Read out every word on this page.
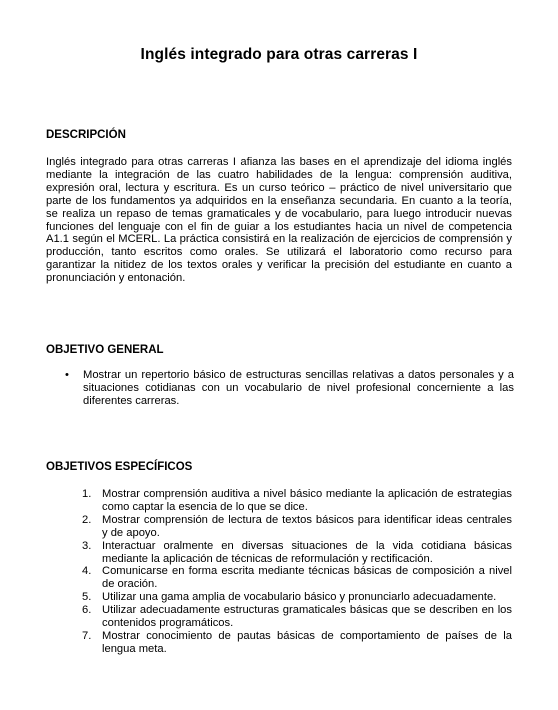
Inglés integrado para otras carreras I
DESCRIPCIÓN
Inglés integrado para otras carreras I afianza las bases en el aprendizaje del idioma inglés mediante la integración de las cuatro habilidades de la lengua: comprensión auditiva, expresión oral, lectura y escritura. Es un curso teórico – práctico de nivel universitario que parte de los fundamentos ya adquiridos en la enseñanza secundaria. En cuanto a la teoría, se realiza un repaso de temas gramaticales y de vocabulario, para luego introducir nuevas funciones del lenguaje con el fin de guiar a los estudiantes hacia un nivel de competencia A1.1 según el MCERL. La práctica consistirá en la realización de ejercicios de comprensión y producción, tanto escritos como orales. Se utilizará el laboratorio como recurso para garantizar la nitidez de los textos orales y verificar la precisión del estudiante en cuanto a pronunciación y entonación.
OBJETIVO GENERAL
• Mostrar un repertorio básico de estructuras sencillas relativas a datos personales y a situaciones cotidianas con un vocabulario de nivel profesional concerniente a las diferentes carreras.
OBJETIVOS ESPECÍFICOS
1. Mostrar comprensión auditiva a nivel básico mediante la aplicación de estrategias como captar la esencia de lo que se dice.
2. Mostrar comprensión de lectura de textos básicos para identificar ideas centrales y de apoyo.
3. Interactuar oralmente en diversas situaciones de la vida cotidiana básicas mediante la aplicación de técnicas de reformulación y rectificación.
4. Comunicarse en forma escrita mediante técnicas básicas de composición a nivel de oración.
5. Utilizar una gama amplia de vocabulario básico y pronunciarlo adecuadamente.
6. Utilizar adecuadamente estructuras gramaticales básicas que se describen en los contenidos programáticos.
7. Mostrar conocimiento de pautas básicas de comportamiento de países de la lengua meta.
